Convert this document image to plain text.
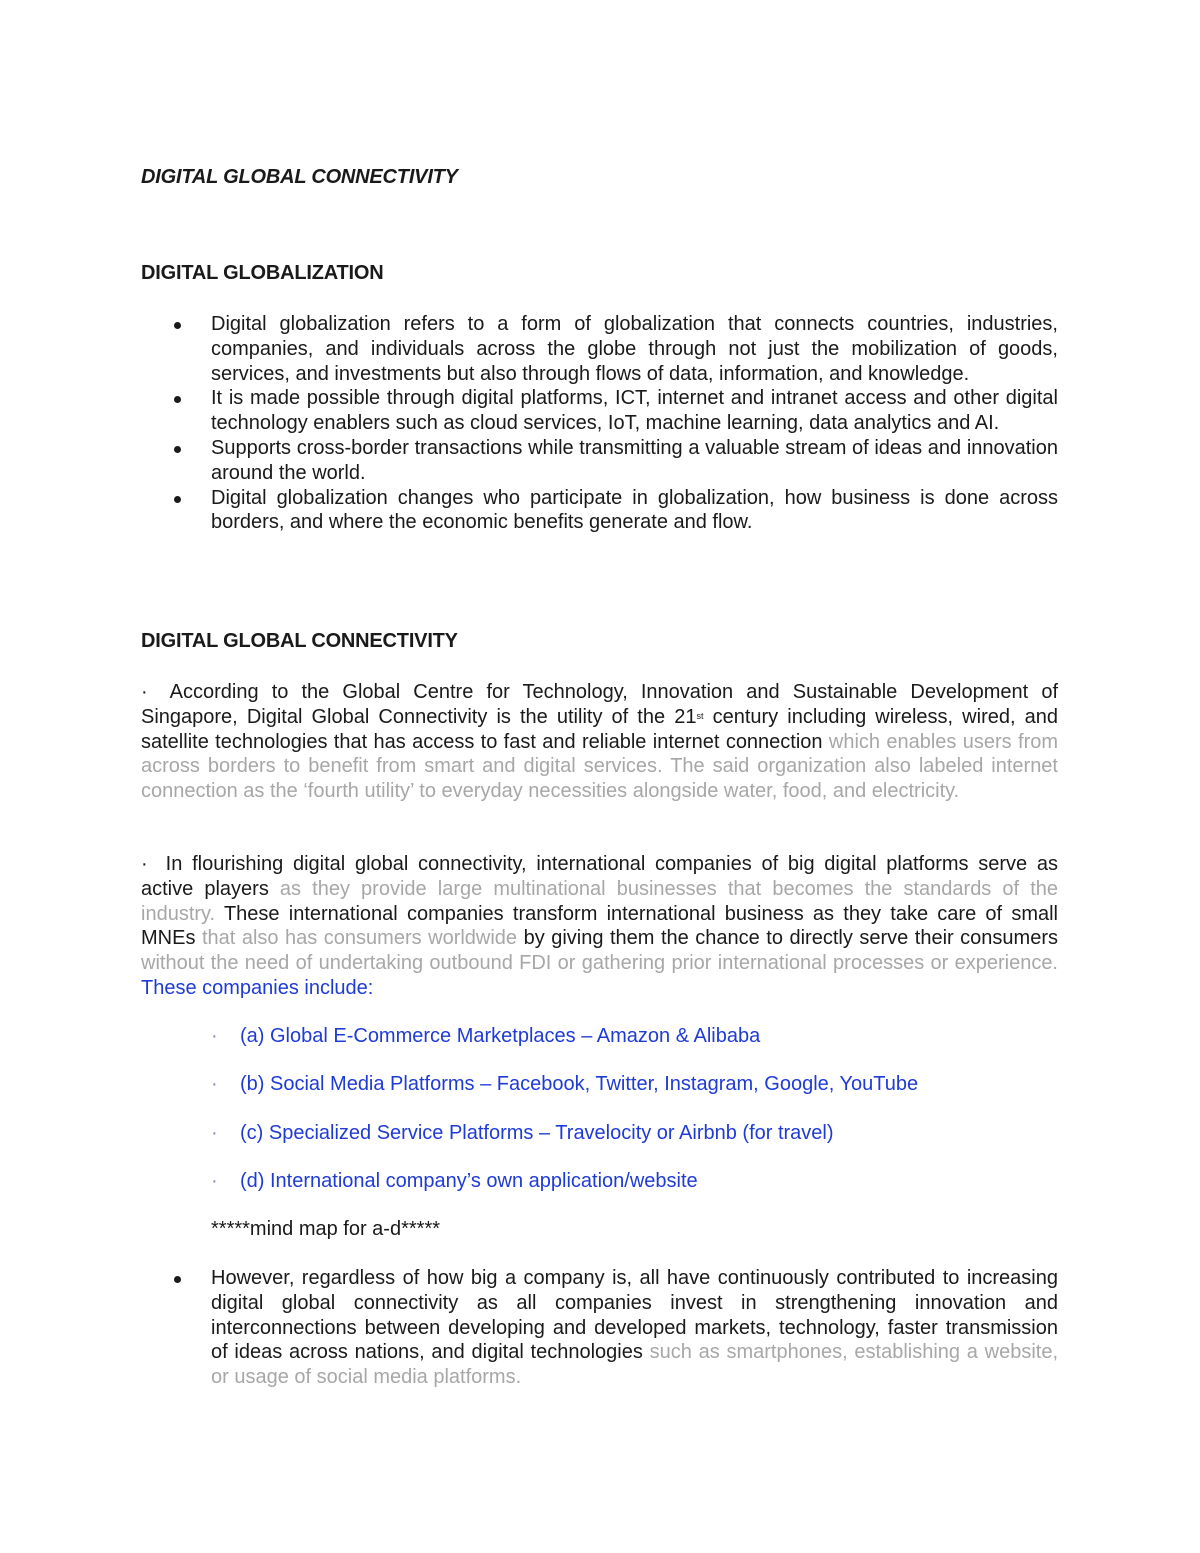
DIGITAL GLOBAL CONNECTIVITY
DIGITAL GLOBALIZATION
Digital globalization refers to a form of globalization that connects countries, industries, companies, and individuals across the globe through not just the mobilization of goods, services, and investments but also through flows of data, information, and knowledge.
It is made possible through digital platforms, ICT, internet and intranet access and other digital technology enablers such as cloud services, IoT, machine learning, data analytics and AI.
Supports cross-border transactions while transmitting a valuable stream of ideas and innovation around the world.
Digital globalization changes who participate in globalization, how business is done across borders, and where the economic benefits generate and flow.
DIGITAL GLOBAL CONNECTIVITY

· According to the Global Centre for Technology, Innovation and Sustainable Development of Singapore, Digital Global Connectivity is the utility of the 21st century including wireless, wired, and satellite technologies that has access to fast and reliable internet connection which enables users from across borders to benefit from smart and digital services. The said organization also labeled internet connection as the ‘fourth utility’ to everyday necessities alongside water, food, and electricity.

· In flourishing digital global connectivity, international companies of big digital platforms serve as active players as they provide large multinational businesses that becomes the standards of the industry. These international companies transform international business as they take care of small MNEs that also has consumers worldwide by giving them the chance to directly serve their consumers without the need of undertaking outbound FDI or gathering prior international processes or experience. These companies include:

· (a) Global E-Commerce Marketplaces – Amazon & Alibaba
· (b) Social Media Platforms – Facebook, Twitter, Instagram, Google, YouTube
· (c) Specialized Service Platforms – Travelocity or Airbnb (for travel)
· (d) International company’s own application/website

*****mind map for a-d*****

However, regardless of how big a company is, all have continuously contributed to increasing digital global connectivity as all companies invest in strengthening innovation and interconnections between developing and developed markets, technology, faster transmission of ideas across nations, and digital technologies such as smartphones, establishing a website, or usage of social media platforms.
